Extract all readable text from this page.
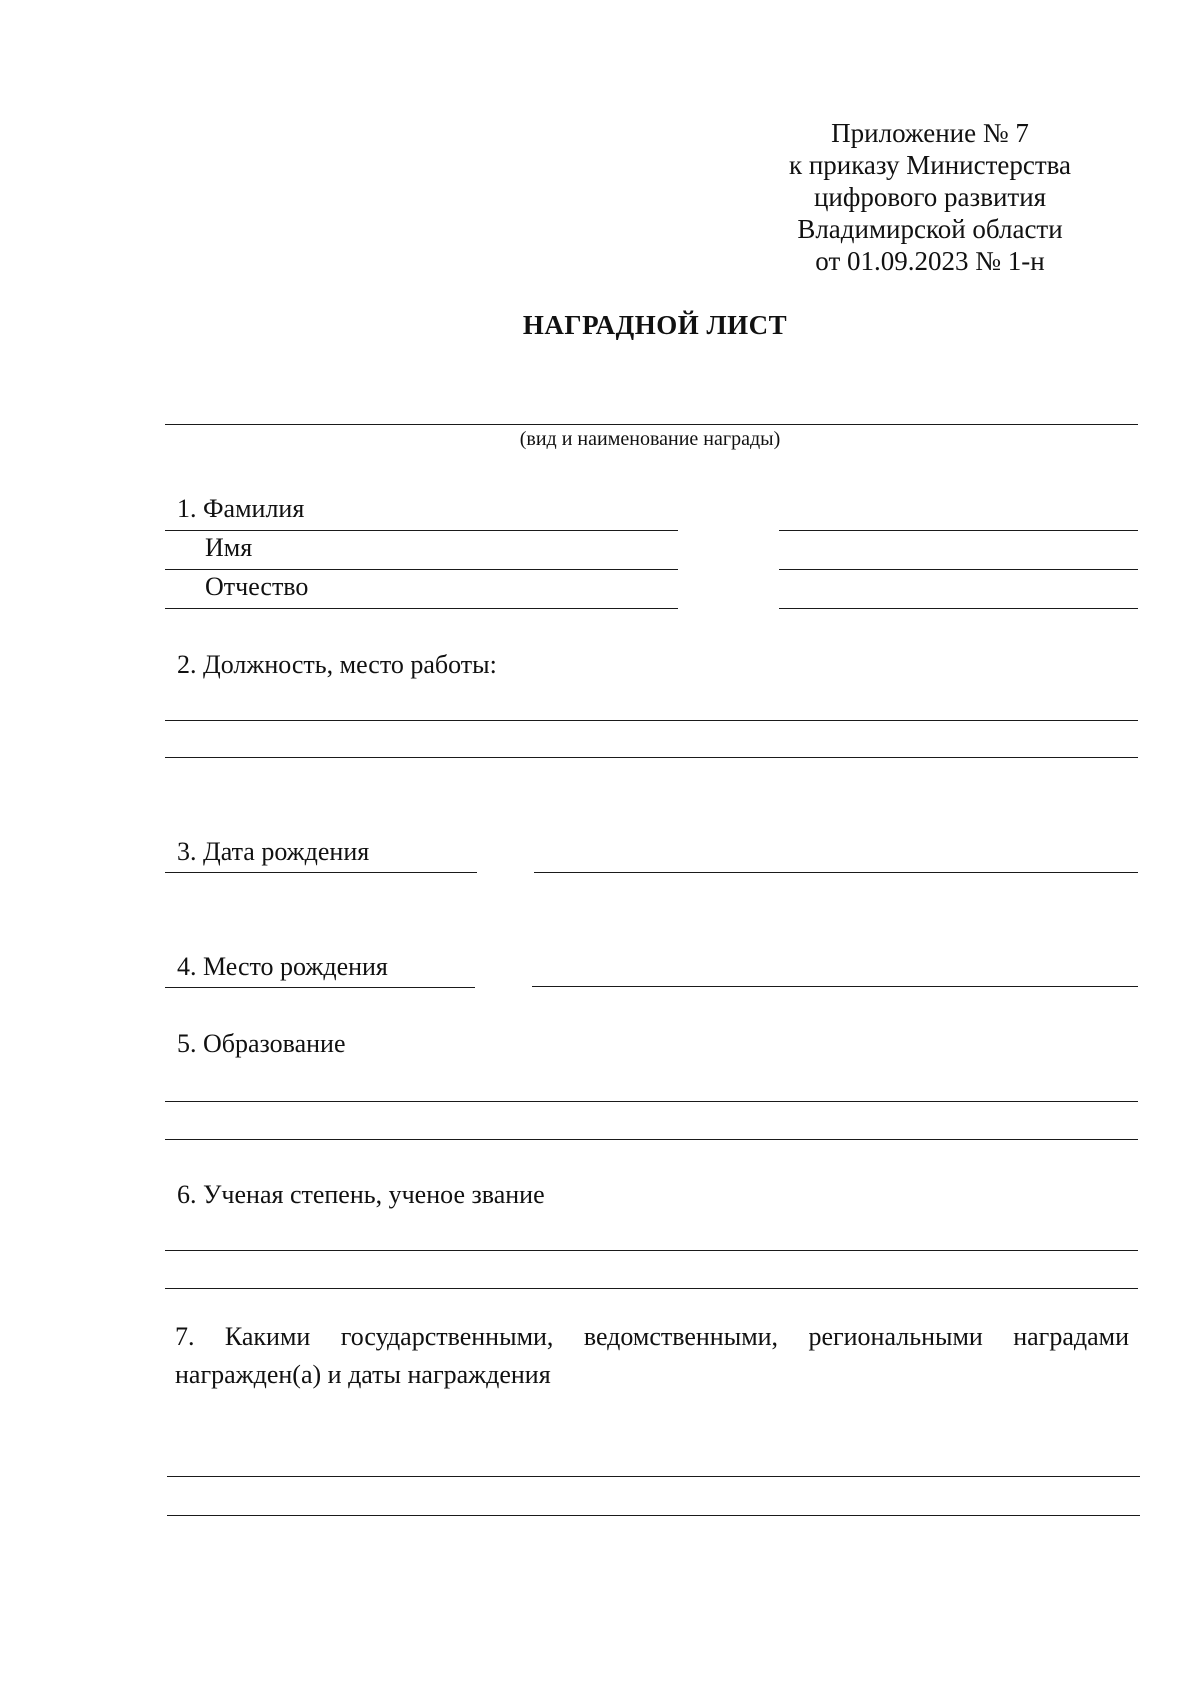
Приложение № 7
к приказу Министерства
цифрового развития
Владимирской области
от 01.09.2023 № 1-н
НАГРАДНОЙ ЛИСТ
(вид и наименование награды)
1. Фамилия
Имя
Отчество
2. Должность, место работы:
3. Дата рождения
4. Место рождения
5. Образование
6. Ученая степень, ученое звание
7. Какими государственными, ведомственными, региональными наградами награжден(а) и даты награждения
